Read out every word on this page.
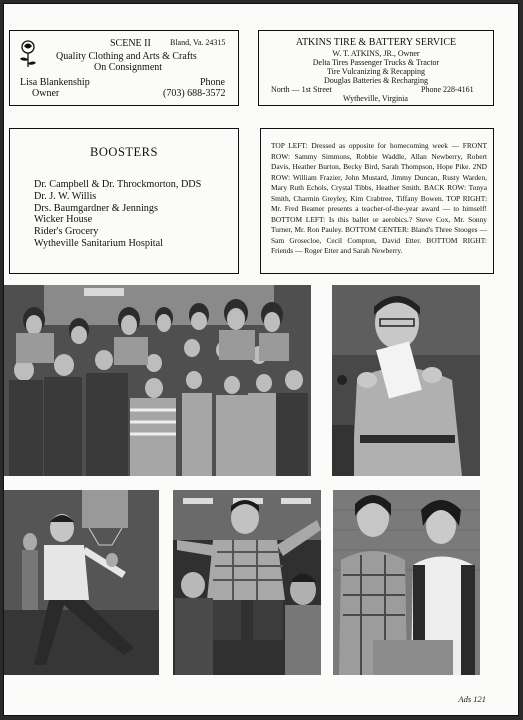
SCENE II Bland, Va. 24315
Quality Clothing and Arts & Crafts
On Consignment
Lisa Blankenship	Phone
Owner	(703) 688-3572
ATKINS TIRE & BATTERY SERVICE
W. T. ATKINS, JR., Owner
Delta Tires Passenger Trucks & Tractor
Tire Vulcanizing & Recapping
Douglas Batteries & Recharging
North — 1st Street	Phone 228-4161
Wytheville, Virginia
BOOSTERS
Dr. Campbell & Dr. Throckmorton, DDS
Dr. J. W. Willis
Drs. Baumgardner & Jennings
Wicker House
Rider's Grocery
Wytheville Sanitarium Hospital
TOP LEFT: Dressed as opposite for homecoming week — FRONT ROW: Sammy Simmons, Robbie Waddle, Allan Newberry, Robert Davis, Heather Burton, Becky Bird, Sarah Thompson, Hope Pike. 2ND ROW: William Frazier, John Mustard, Jimmy Duncan, Rusty Warden, Mary Ruth Echols, Crystal Tibbs, Heather Smith. BACK ROW: Tonya Smith, Charmin Greyley, Kim Crabtree, Tiffany Bowen. TOP RIGHT: Mr. Fred Beamer presents a teacher-of-the-year award — to himself! BOTTOM LEFT: Is this ballet or aerobics.? Steve Cox, Mr. Sonny Turner, Mr. Ron Pauley. BOTTOM CENTER: Bland's Three Stooges — Sam Grosecloe, Cecil Compton, David Etter. BOTTOM RIGHT: Friends — Roger Etter and Sarah Newberry.
Ads 121
